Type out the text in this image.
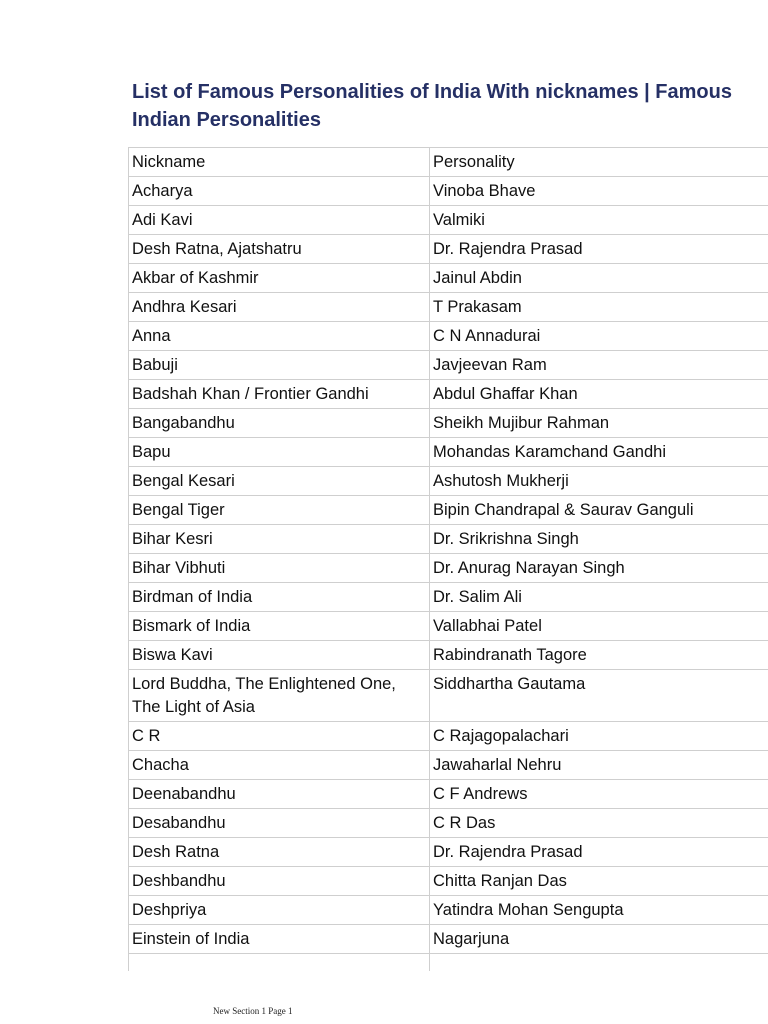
List of Famous Personalities of India With nicknames | Famous Indian Personalities
Nickname	Personality
Acharya	Vinoba Bhave
Adi Kavi	Valmiki
Desh Ratna, Ajatshatru	Dr. Rajendra Prasad
Akbar of Kashmir	Jainul Abdin
Andhra Kesari	T Prakasam
Anna	C N Annadurai
Babuji	Javjeevan Ram
Badshah Khan / Frontier Gandhi	Abdul Ghaffar Khan
Bangabandhu	Sheikh Mujibur Rahman
Bapu	Mohandas Karamchand Gandhi
Bengal Kesari	Ashutosh Mukherji
Bengal Tiger	Bipin Chandrapal & Saurav Ganguli
Bihar Kesri	Dr. Srikrishna Singh
Bihar Vibhuti	Dr. Anurag Narayan Singh
Birdman of India	Dr. Salim Ali
Bismark of India	Vallabhai Patel
Biswa Kavi	Rabindranath Tagore
Lord Buddha, The Enlightened One, The Light of Asia	Siddhartha Gautama
C R	C Rajagopalachari
Chacha	Jawaharlal Nehru
Deenabandhu	C F Andrews
Desabandhu	C R Das
Desh Ratna	Dr. Rajendra Prasad
Deshbandhu	Chitta Ranjan Das
Deshpriya	Yatindra Mohan Sengupta
Einstein of India	Nagarjuna

New Section 1 Page 1
